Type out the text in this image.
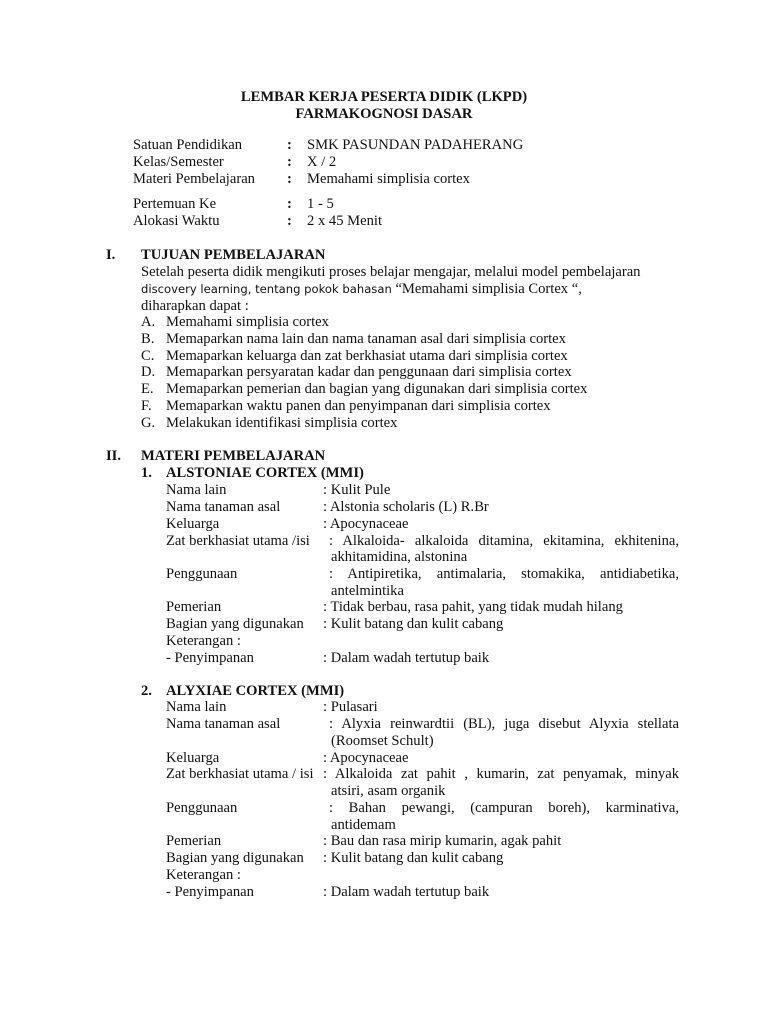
LEMBAR KERJA PESERTA DIDIK (LKPD)
FARMAKOGNOSI DASAR
Satuan Pendidikan	: SMK PASUNDAN PADAHERANG
Kelas/Semester	: X / 2
Materi Pembelajaran : Memahami simplisia cortex
Pertemuan Ke	: 1 - 5
Alokasi Waktu	: 2 x 45 Menit
I. TUJUAN PEMBELAJARAN
Setelah peserta didik mengikuti proses belajar mengajar, melalui model pembelajaran
discovery learning, tentang pokok bahasan “Memahami simplisia Cortex “,
diharapkan dapat :
A. Memahami simplisia cortex
B. Memaparkan nama lain dan nama tanaman asal dari simplisia cortex
C. Memaparkan keluarga dan zat berkhasiat utama dari simplisia cortex
D. Memaparkan persyaratan kadar dan penggunaan dari simplisia cortex
E. Memaparkan pemerian dan bagian yang digunakan dari simplisia cortex
F. Memaparkan waktu panen dan penyimpanan dari simplisia cortex
G. Melakukan identifikasi simplisia cortex
II. MATERI PEMBELAJARAN
1. ALSTONIAE CORTEX (MMI)
Nama lain	: Kulit Pule
Nama tanaman asal	: Alstonia scholaris (L) R.Br
Keluarga	: Apocynaceae
Zat berkhasiat utama /isi : Alkaloida- alkaloida ditamina, ekitamina, ekhitenina,
akhitamidina, alstonina
Penggunaan	: Antipiretika, antimalaria, stomakika, antidiabetika,
antelmintika
Pemerian	: Tidak berbau, rasa pahit, yang tidak mudah hilang
Bagian yang digunakan : Kulit batang dan kulit cabang
Keterangan :
- Penyimpanan	: Dalam wadah tertutup baik
2. ALYXIAE CORTEX (MMI)
Nama lain	: Pulasari
Nama tanaman asal	: Alyxia reinwardtii (BL), juga disebut Alyxia stellata
(Roomset Schult)
Keluarga	: Apocynaceae
Zat berkhasiat utama / isi : Alkaloida zat pahit , kumarin, zat penyamak, minyak
atsiri, asam organik
Penggunaan	: Bahan pewangi, (campuran boreh), karminativa,
antidemam
Pemerian	: Bau dan rasa mirip kumarin, agak pahit
Bagian yang digunakan : Kulit batang dan kulit cabang
Keterangan :
- Penyimpanan	: Dalam wadah tertutup baik
